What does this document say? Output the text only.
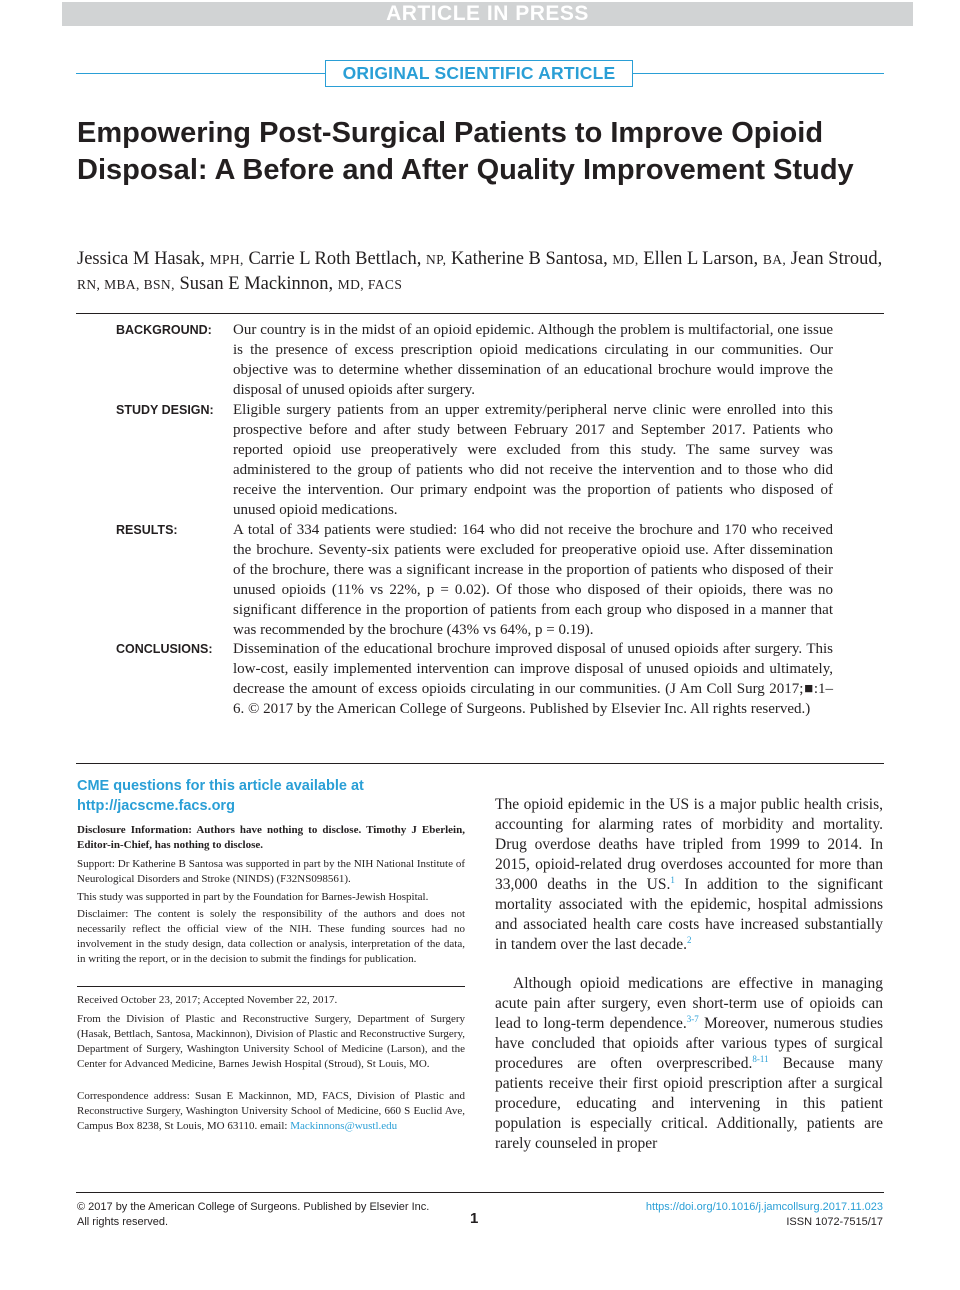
ARTICLE IN PRESS
ORIGINAL SCIENTIFIC ARTICLE
Empowering Post-Surgical Patients to Improve Opioid Disposal: A Before and After Quality Improvement Study

Jessica M Hasak, MPH, Carrie L Roth Bettlach, NP, Katherine B Santosa, MD, Ellen L Larson, BA, Jean Stroud, RN, MBA, BSN, Susan E Mackinnon, MD, FACS

BACKGROUND: Our country is in the midst of an opioid epidemic. Although the problem is multifactorial, one issue is the presence of excess prescription opioid medications circulating in our communities. Our objective was to determine whether dissemination of an educational brochure would improve the disposal of unused opioids after surgery.

STUDY DESIGN: Eligible surgery patients from an upper extremity/peripheral nerve clinic were enrolled into this prospective before and after study between February 2017 and September 2017. Patients who reported opioid use preoperatively were excluded from this study. The same survey was administered to the group of patients who did not receive the intervention and to those who did receive the intervention. Our primary endpoint was the proportion of patients who disposed of unused opioid medications.

RESULTS:	A total of 334 patients were studied: 164 who did not receive the brochure and 170 who received the brochure. Seventy-six patients were excluded for preoperative opioid use. After dissemination of the brochure, there was a significant increase in the proportion of patients who disposed of their unused opioids (11% vs 22%, p = 0.02). Of those who disposed of their opioids, there was no significant difference in the proportion of patients from each group who disposed in a manner that was recommended by the brochure (43% vs 64%, p = 0.19).

CONCLUSIONS: Dissemination of the educational brochure improved disposal of unused opioids after surgery. This low-cost, easily implemented intervention can improve disposal of unused opioids and ultimately, decrease the amount of excess opioids circulating in our communities. (J Am Coll Surg 2017;■:1–6. © 2017 by the American College of Surgeons. Published by Elsevier Inc. All rights reserved.)

CME questions for this article available at
http://jacscme.facs.org

Disclosure Information: Authors have nothing to disclose. Timothy J Eberlein, Editor-in-Chief, has nothing to disclose.

Support: Dr Katherine B Santosa was supported in part by the NIH National Institute of Neurological Disorders and Stroke (NINDS) (F32NS098561).

This study was supported in part by the Foundation for Barnes-Jewish Hospital.

Disclaimer: The content is solely the responsibility of the authors and does not necessarily reflect the official view of the NIH. These funding sources had no involvement in the study design, data collection or analysis, interpretation of the data, in writing the report, or in the decision to submit the findings for publication.

Received October 23, 2017; Accepted November 22, 2017.

From the Division of Plastic and Reconstructive Surgery, Department of Surgery (Hasak, Bettlach, Santosa, Mackinnon), Division of Plastic and Reconstructive Surgery, Department of Surgery, Washington University School of Medicine (Larson), and the Center for Advanced Medicine, Barnes Jewish Hospital (Stroud), St Louis, MO.

Correspondence address: Susan E Mackinnon, MD, FACS, Division of Plastic and Reconstructive Surgery, Washington University School of Medicine, 660 S Euclid Ave, Campus Box 8238, St Louis, MO 63110. email: Mackinnons@wustl.edu

The opioid epidemic in the US is a major public health crisis, accounting for alarming rates of morbidity and mortality. Drug overdose deaths have tripled from 1999 to 2014. In 2015, opioid-related drug overdoses accounted for more than 33,000 deaths in the US.$^1$ In addition to the significant mortality associated with the epidemic, hospital admissions and associated health care costs have increased substantially in tandem over the last decade.$^2$

Although opioid medications are effective in managing acute pain after surgery, even short-term use of opioids can lead to long-term dependence.$^{3-7}$ Moreover, numerous studies have concluded that opioids after various types of surgical procedures are often overprescribed.$^{8-11}$ Because many patients receive their first opioid prescription after a surgical procedure, educating and intervening in this patient population is especially critical. Additionally, patients are rarely counseled in proper

© 2017 by the American College of Surgeons. Published by Elsevier Inc.
All rights reserved.	1
https://doi.org/10.1016/j.jamcollsurg.2017.11.023
ISSN 1072-7515/17
